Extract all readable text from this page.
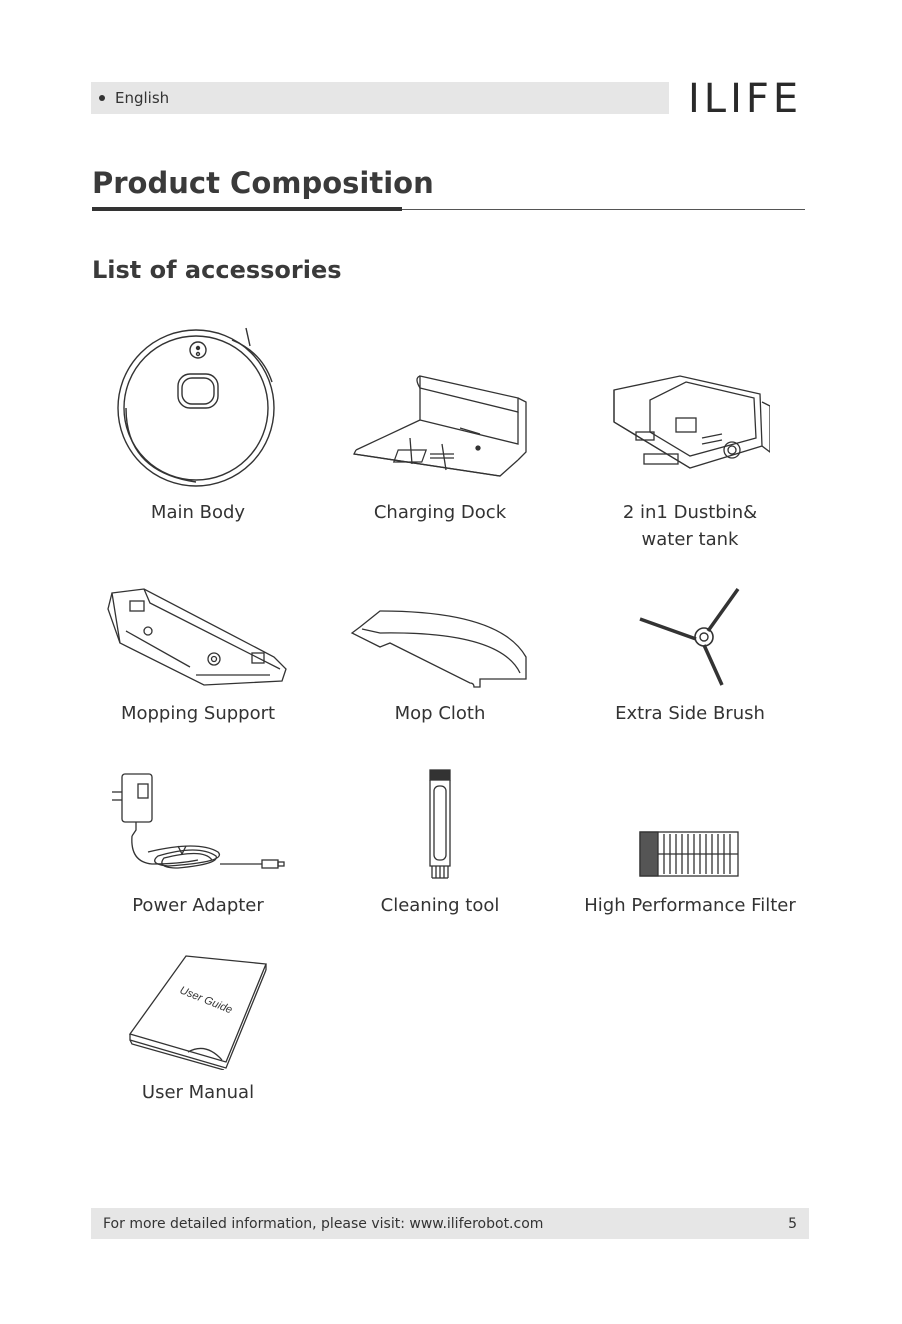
English	ILIFE
Product Composition
List of accessories
Main Body	Charging Dock	2 in1 Dustbin&
water tank
Mopping Support	Mop Cloth	Extra Side Brush
Power Adapter	Cleaning tool	High Performance Filter
User Guide
User Manual
For more detailed information, please visit: www.iliferobot.com	5
